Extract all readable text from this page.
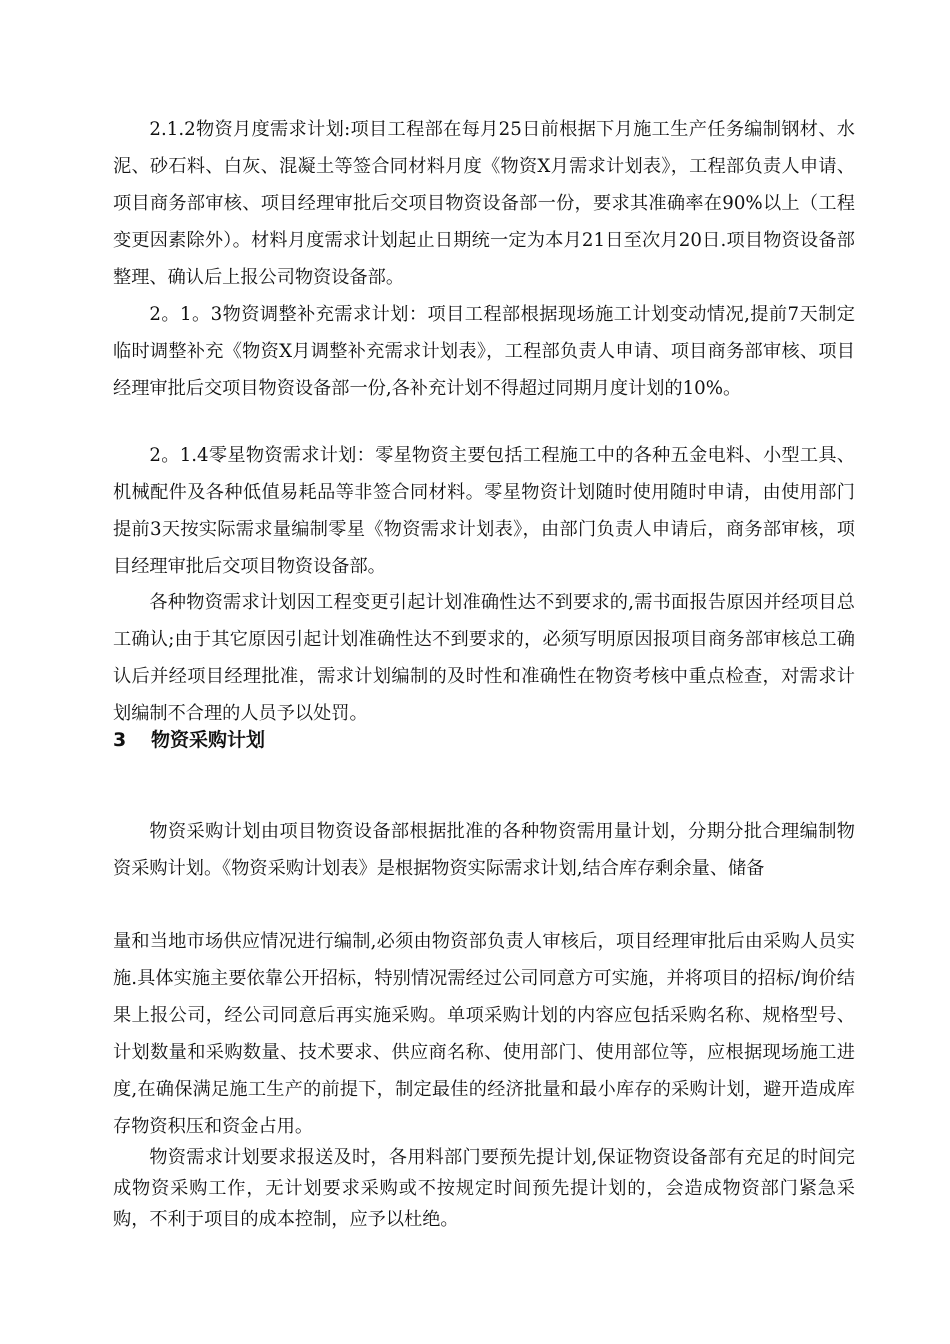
2.1.2物资月度需求计划:项目工程部在每月25日前根据下月施工生产任务编制钢材、水泥、砂石料、白灰、混凝土等签合同材料月度《物资X月需求计划表》，工程部负责人申请、项目商务部审核、项目经理审批后交项目物资设备部一份，要求其准确率在90%以上（工程变更因素除外）。材料月度需求计划起止日期统一定为本月21日至次月20日.项目物资设备部整理、确认后上报公司物资设备部。

2。1。3物资调整补充需求计划：项目工程部根据现场施工计划变动情况,提前7天制定临时调整补充《物资X月调整补充需求计划表》，工程部负责人申请、项目商务部审核、项目经理审批后交项目物资设备部一份,各补充计划不得超过同期月度计划的10%。

2。1.4零星物资需求计划：零星物资主要包括工程施工中的各种五金电料、小型工具、机械配件及各种低值易耗品等非签合同材料。零星物资计划随时使用随时申请，由使用部门提前3天按实际需求量编制零星《物资需求计划表》，由部门负责人申请后，商务部审核，项目经理审批后交项目物资设备部。

各种物资需求计划因工程变更引起计划准确性达不到要求的,需书面报告原因并经项目总工确认;由于其它原因引起计划准确性达不到要求的，必须写明原因报项目商务部审核总工确认后并经项目经理批准，需求计划编制的及时性和准确性在物资考核中重点检查，对需求计划编制不合理的人员予以处罚。

3 物资采购计划

物资采购计划由项目物资设备部根据批准的各种物资需用量计划，分期分批合理编制物资采购计划。《物资采购计划表》是根据物资实际需求计划,结合库存剩余量、储备

量和当地市场供应情况进行编制,必须由物资部负责人审核后，项目经理审批后由采购人员实施.具体实施主要依靠公开招标，特别情况需经过公司同意方可实施，并将项目的招标/询价结果上报公司，经公司同意后再实施采购。单项采购计划的内容应包括采购名称、规格型号、计划数量和采购数量、技术要求、供应商名称、使用部门、使用部位等，应根据现场施工进度,在确保满足施工生产的前提下，制定最佳的经济批量和最小库存的采购计划，避开造成库存物资积压和资金占用。

物资需求计划要求报送及时，各用料部门要预先提计划,保证物资设备部有充足的时间完成物资采购工作，无计划要求采购或不按规定时间预先提计划的，会造成物资部门紧急采购，不利于项目的成本控制，应予以杜绝。
